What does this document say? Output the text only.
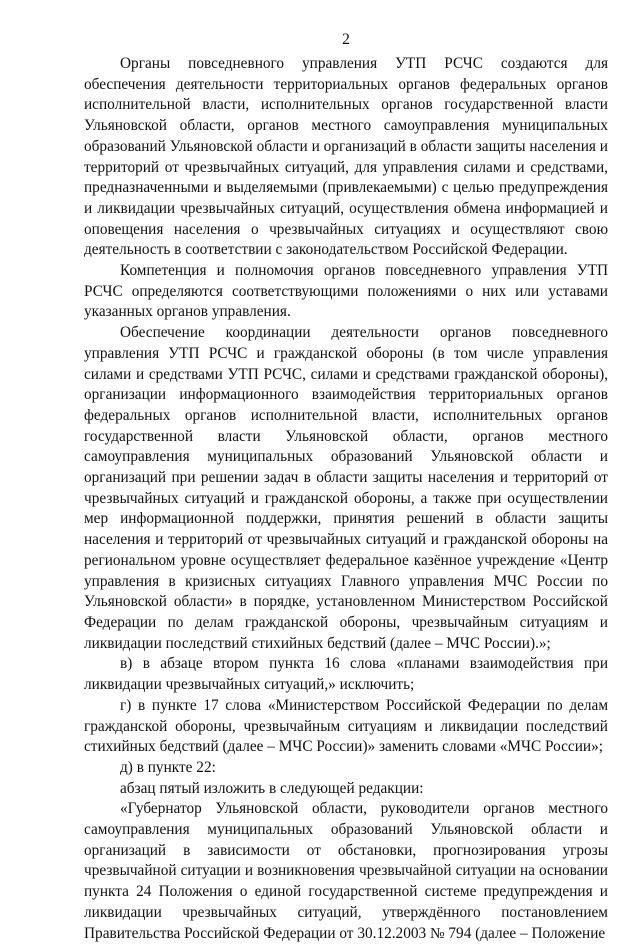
2

Органы повседневного управления УТП РСЧС создаются для обеспечения деятельности территориальных органов федеральных органов исполнительной власти, исполнительных органов государственной власти Ульяновской области, органов местного самоуправления муниципальных образований Ульяновской области и организаций в области защиты населения и территорий от чрезвычайных ситуаций, для управления силами и средствами, предназначенными и выделяемыми (привлекаемыми) с целью предупреждения и ликвидации чрезвычайных ситуаций, осуществления обмена информацией и оповещения населения о чрезвычайных ситуациях и осуществляют свою деятельность в соответствии с законодательством Российской Федерации.

Компетенция и полномочия органов повседневного управления УТП РСЧС определяются соответствующими положениями о них или уставами указанных органов управления.

Обеспечение координации деятельности органов повседневного управления УТП РСЧС и гражданской обороны (в том числе управления силами и средствами УТП РСЧС, силами и средствами гражданской обороны), организации информационного взаимодействия территориальных органов федеральных органов исполнительной власти, исполнительных органов государственной власти Ульяновской области, органов местного самоуправления муниципальных образований Ульяновской области и организаций при решении задач в области защиты населения и территорий от чрезвычайных ситуаций и гражданской обороны, а также при осуществлении мер информационной поддержки, принятия решений в области защиты населения и территорий от чрезвычайных ситуаций и гражданской обороны на региональном уровне осуществляет федеральное казённое учреждение «Центр управления в кризисных ситуациях Главного управления МЧС России по Ульяновской области» в порядке, установленном Министерством Российской Федерации по делам гражданской обороны, чрезвычайным ситуациям и ликвидации последствий стихийных бедствий (далее – МЧС России).»;

в) в абзаце втором пункта 16 слова «планами взаимодействия при ликвидации чрезвычайных ситуаций,» исключить;

г) в пункте 17 слова «Министерством Российской Федерации по делам гражданской обороны, чрезвычайным ситуациям и ликвидации последствий стихийных бедствий (далее – МЧС России)» заменить словами «МЧС России»;

д) в пункте 22:

абзац пятый изложить в следующей редакции:

«Губернатор Ульяновской области, руководители органов местного самоуправления муниципальных образований Ульяновской области и организаций в зависимости от обстановки, прогнозирования угрозы чрезвычайной ситуации и возникновения чрезвычайной ситуации на основании пункта 24 Положения о единой государственной системе предупреждения и ликвидации чрезвычайных ситуаций, утверждённого постановлением Правительства Российской Федерации от 30.12.2003 № 794 (далее – Положение
